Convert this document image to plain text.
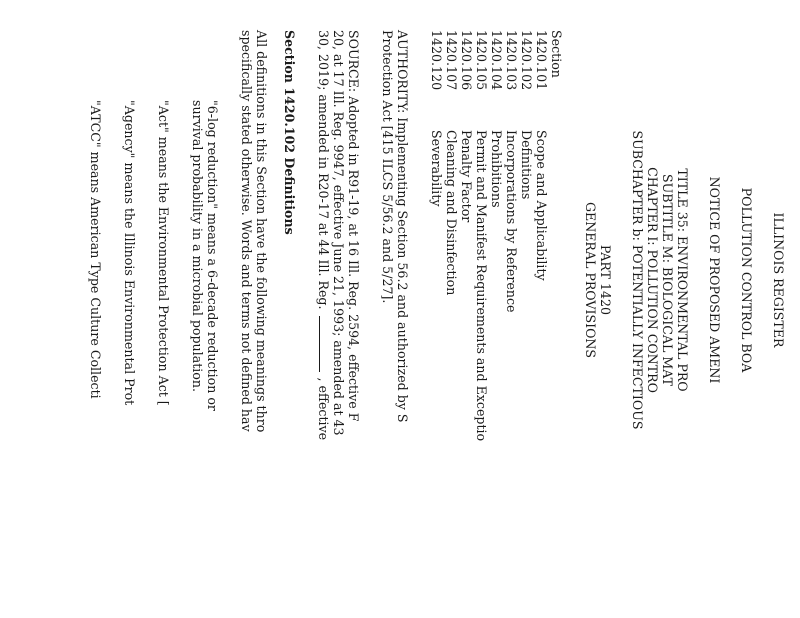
ILLINOIS REGISTER
POLLUTION CONTROL BOA
NOTICE OF PROPOSED AMENI
TITLE 35: ENVIRONMENTAL PRO
SUBTITLE M: BIOLOGICAL MAT
CHAPTER I: POLLUTION CONTRO
SUBCHAPTER b: POTENTIALLY INFECTIOUS
PART 1420
GENERAL PROVISIONS
Section
1420.101
Scope and Applicability
1420.102
Definitions
1420.103
Incorporations by Reference
1420.104
Prohibitions
1420.105
Permit and Manifest Requirements and Exceptio
1420.106
Penalty Factor
1420.107
Cleaning and Disinfection
1420.120
Severability
AUTHORITY: Implementing Section 56.2 and authorized by S
Protection Act [415 ILCS 5/56.2 and 5/27].
SOURCE: Adopted in R91-19, at 16 Ill. Reg. 2594, effective F
20, at 17 Ill. Reg. 9947, effective June 21, 1993; amended at 43
30, 2019; amended in R20-17 at 44 Ill. Reg.  , effective
Section 1420.102 Definitions
All definitions in this Section have the following meanings thro
specifically stated otherwise. Words and terms not defined hav
"6-log reduction" means a 6-decade reduction or
survival probability in a microbial population.
"Act" means the Environmental Protection Act [
"Agency" means the Illinois Environmental Prot
"ATCC" means American Type Culture Collecti
